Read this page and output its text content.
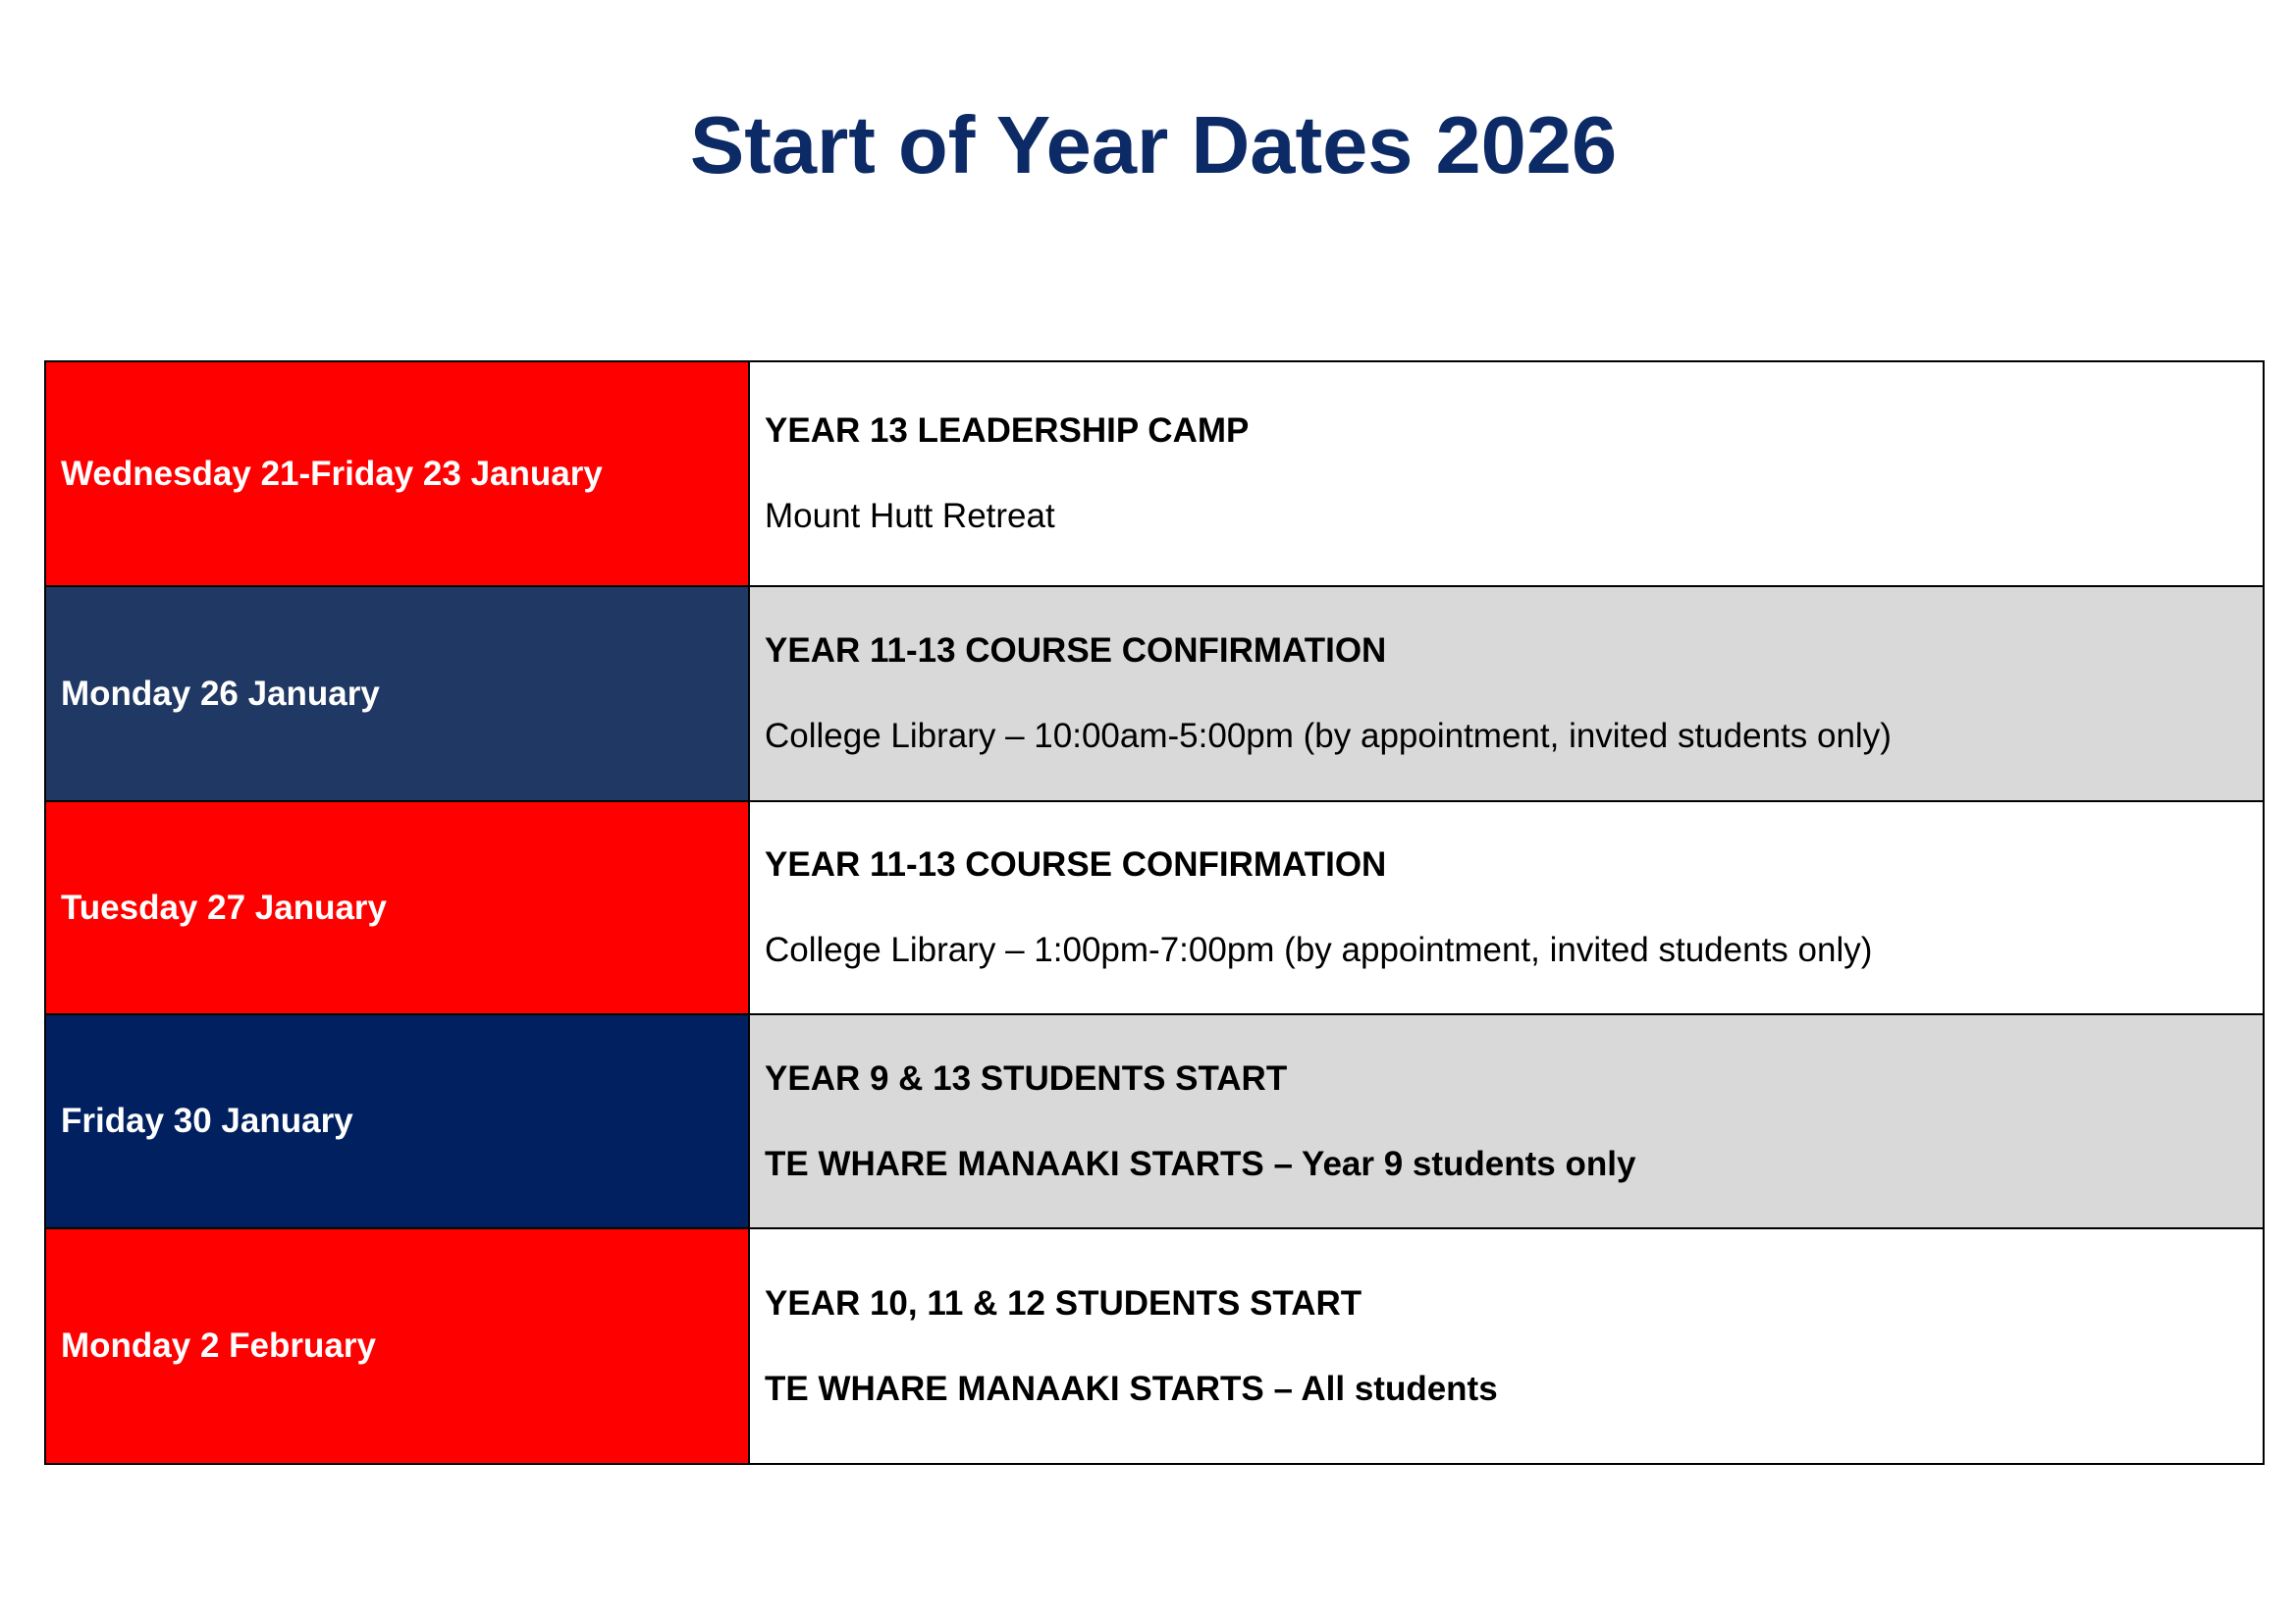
Start of Year Dates 2026
Wednesday 21-Friday 23 January	YEAR 13 LEADERSHIP CAMP
Mount Hutt Retreat

Monday 26 January	YEAR 11-13 COURSE CONFIRMATION
College Library – 10:00am-5:00pm (by appointment, invited students only)

Tuesday 27 January	YEAR 11-13 COURSE CONFIRMATION
College Library – 1:00pm-7:00pm (by appointment, invited students only)

Friday 30 January	YEAR 9 & 13 STUDENTS START
TE WHARE MANAAKI STARTS – Year 9 students only

Monday 2 February	YEAR 10, 11 & 12 STUDENTS START
TE WHARE MANAAKI STARTS – All students
